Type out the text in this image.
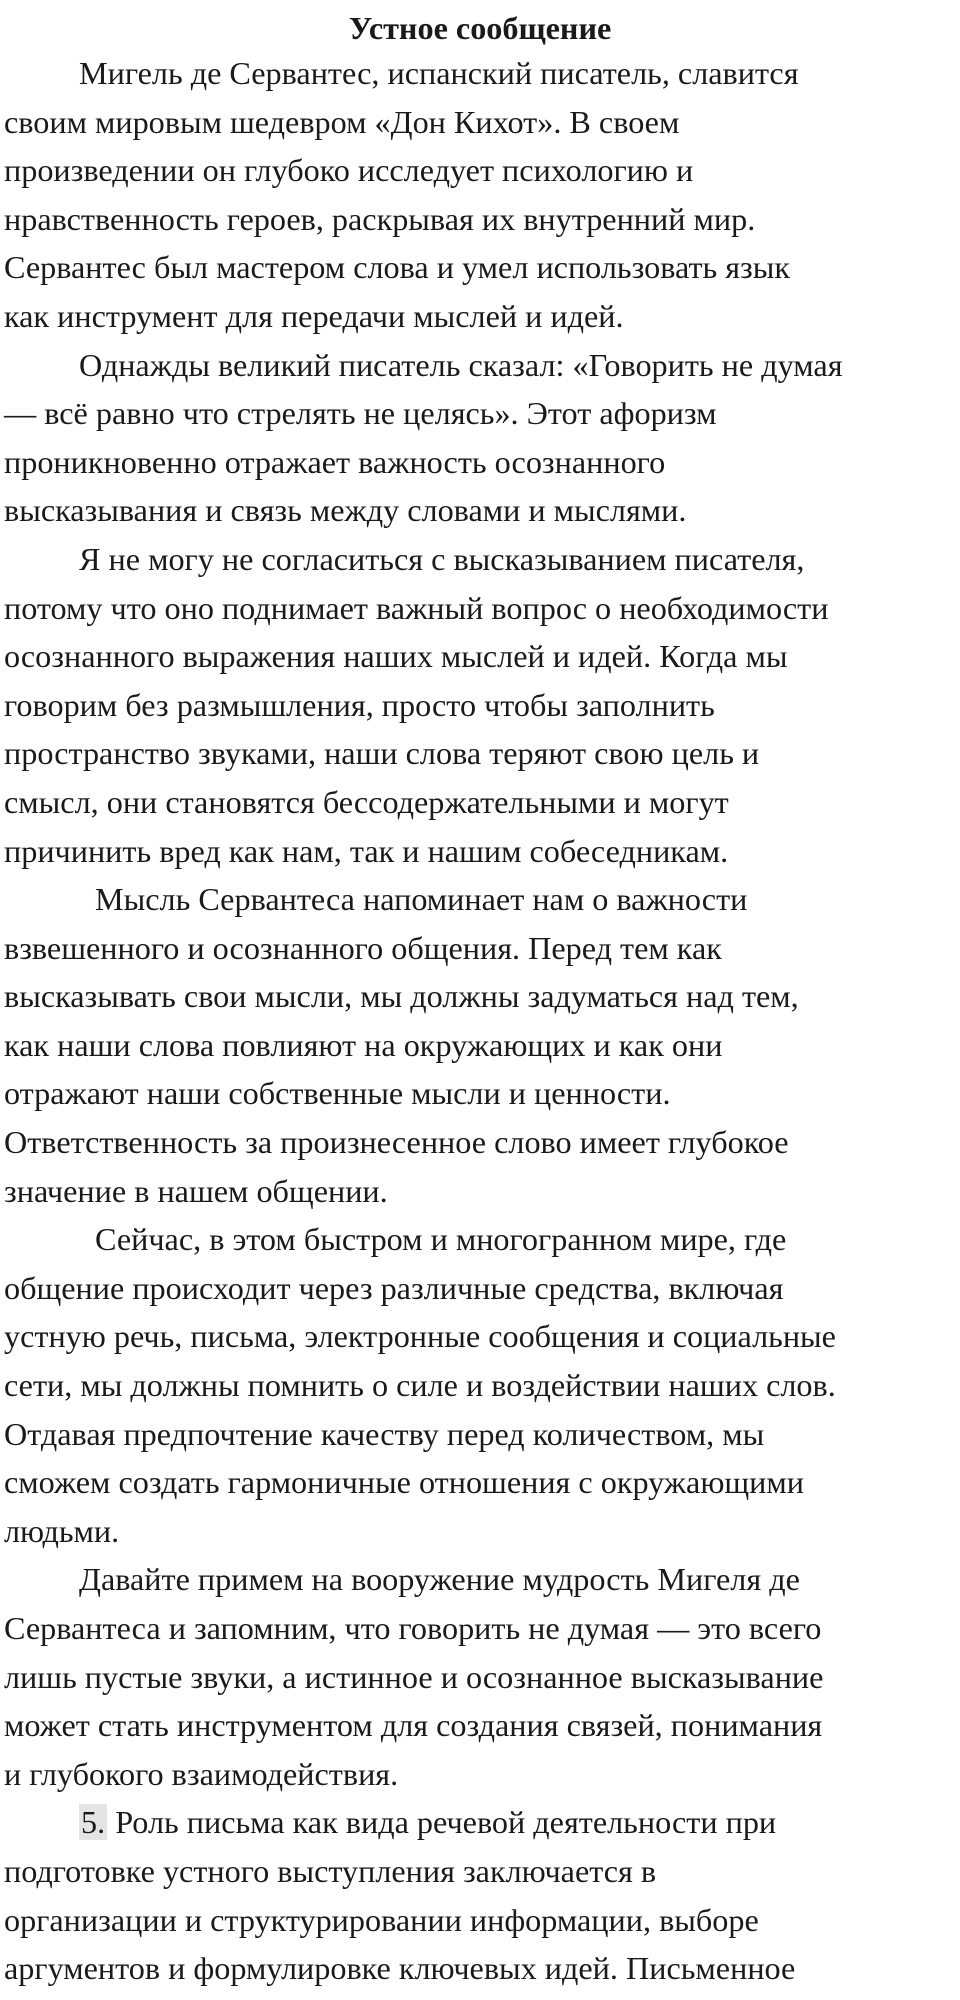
Устное сообщение
Мигель де Сервантес, испанский писатель, славится
своим мировым шедевром «Дон Кихот». В своем
произведении он глубоко исследует психологию и
нравственность героев, раскрывая их внутренний мир.
Сервантес был мастером слова и умел использовать язык
как инструмент для передачи мыслей и идей.
Однажды великий писатель сказал: «Говорить не думая
— всё равно что стрелять не целясь». Этот афоризм
проникновенно отражает важность осознанного
высказывания и связь между словами и мыслями.
Я не могу не согласиться с высказыванием писателя,
потому что оно поднимает важный вопрос о необходимости
осознанного выражения наших мыслей и идей. Когда мы
говорим без размышления, просто чтобы заполнить
пространство звуками, наши слова теряют свою цель и
смысл, они становятся бессодержательными и могут
причинить вред как нам, так и нашим собеседникам.
Мысль Сервантеса напоминает нам о важности
взвешенного и осознанного общения. Перед тем как
высказывать свои мысли, мы должны задуматься над тем,
как наши слова повлияют на окружающих и как они
отражают наши собственные мысли и ценности.
Ответственность за произнесенное слово имеет глубокое
значение в нашем общении.
Сейчас, в этом быстром и многогранном мире, где
общение происходит через различные средства, включая
устную речь, письма, электронные сообщения и социальные
сети, мы должны помнить о силе и воздействии наших слов.
Отдавая предпочтение качеству перед количеством, мы
сможем создать гармоничные отношения с окружающими
людьми.
Давайте примем на вооружение мудрость Мигеля де
Сервантеса и запомним, что говорить не думая — это всего
лишь пустые звуки, а истинное и осознанное высказывание
может стать инструментом для создания связей, понимания
и глубокого взаимодействия.
5. Роль письма как вида речевой деятельности при
подготовке устного выступления заключается в
организации и структурировании информации, выборе
аргументов и формулировке ключевых идей. Письменное
